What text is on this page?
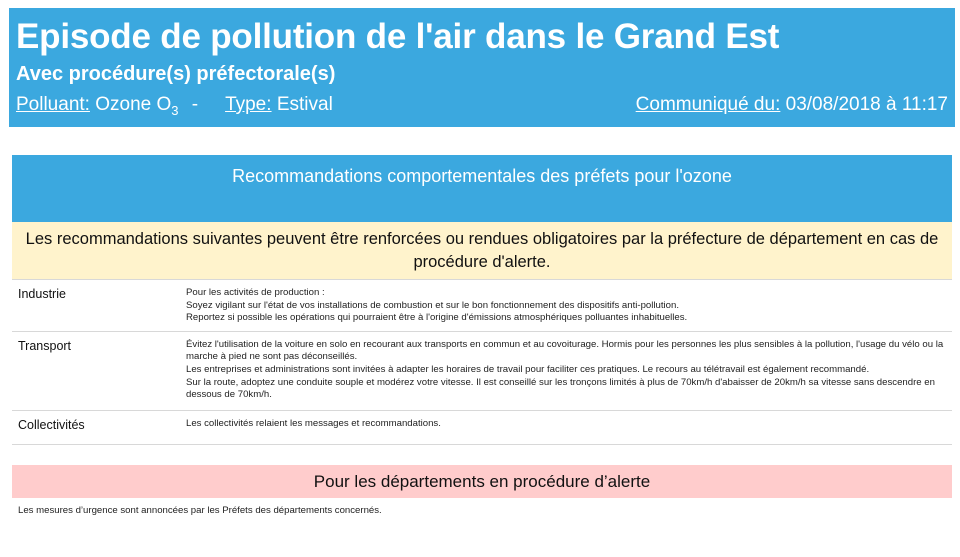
Episode de pollution de l'air dans le Grand Est
Avec procédure(s) préfectorale(s)
Polluant: Ozone $O_3$ - Type: Estival	Communiqué du: 03/08/2018 à 11:17
Recommandations comportementales des préfets pour l'ozone
Les recommandations suivantes peuvent être renforcées ou rendues obligatoires par la préfecture de département en cas de procédure d'alerte.
Industrie	Pour les activités de production :

Soyez vigilant sur l'état de vos installations de combustion et sur le bon fonctionnement des dispositifs anti-pollution.

Reportez si possible les opérations qui pourraient être à l'origine d'émissions atmosphériques polluantes inhabituelles.

Transport	Évitez l'utilisation de la voiture en solo en recourant aux transports en commun et au covoiturage. Hormis pour les personnes les plus sensibles à la pollution, l'usage du vélo ou la marche à pied ne sont pas déconseillés.

Les entreprises et administrations sont invitées à adapter les horaires de travail pour faciliter ces pratiques. Le recours au télétravail est également recommandé.

Sur la route, adoptez une conduite souple et modérez votre vitesse. Il est conseillé sur les tronçons limités à plus de 70km/h d'abaisser de 20km/h sa vitesse sans descendre en dessous de 70km/h.

Collectivités	Les collectivités relaient les messages et recommandations.

Pour les départements en procédure d’alerte
Les mesures d’urgence sont annoncées par les Préfets des départements concernés.
